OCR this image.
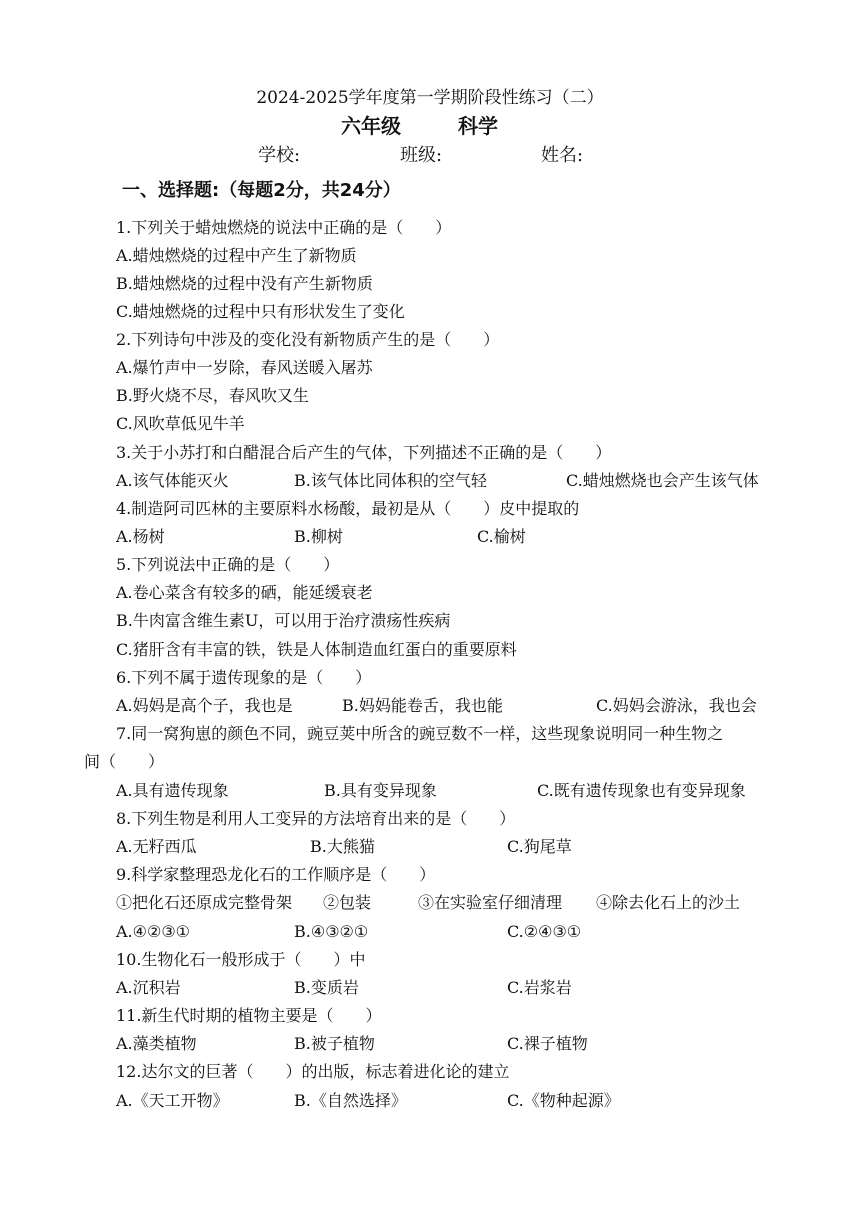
2024-2025学年度第一学期阶段性练习（二）
六年级	科学
学校:	班级:	姓名:
一、选择题:（每题2分，共24分）
1.下列关于蜡烛燃烧的说法中正确的是（　　）
A.蜡烛燃烧的过程中产生了新物质
B.蜡烛燃烧的过程中没有产生新物质
C.蜡烛燃烧的过程中只有形状发生了变化
2.下列诗句中涉及的变化没有新物质产生的是（　　）
A.爆竹声中一岁除，春风送暖入屠苏
B.野火烧不尽，春风吹又生
C.风吹草低见牛羊
3.关于小苏打和白醋混合后产生的气体，下列描述不正确的是（　　）
A.该气体能灭火	B.该气体比同体积的空气轻	C.蜡烛燃烧也会产生该气体
4.制造阿司匹林的主要原料水杨酸，最初是从（　　）皮中提取的
A.杨树	B.柳树	C.榆树
5.下列说法中正确的是（　　）
A.卷心菜含有较多的硒，能延缓衰老
B.牛肉富含维生素U，可以用于治疗溃疡性疾病
C.猪肝含有丰富的铁，铁是人体制造血红蛋白的重要原料
6.下列不属于遗传现象的是（　　）
A.妈妈是高个子，我也是	B.妈妈能卷舌，我也能	C.妈妈会游泳，我也会
7.同一窝狗崽的颜色不同，豌豆荚中所含的豌豆数不一样，这些现象说明同一种生物之
间（　　）
A.具有遗传现象	B.具有变异现象	C.既有遗传现象也有变异现象
8.下列生物是利用人工变异的方法培育出来的是（　　）
A.无籽西瓜	B.大熊猫	C.狗尾草
9.科学家整理恐龙化石的工作顺序是（　　）
①把化石还原成完整骨架 ②包装	③在实验室仔细清理 ④除去化石上的沙土
A.④②③①	B.④③②①	C.②④③①
10.生物化石一般形成于（　　）中
A.沉积岩	B.变质岩	C.岩浆岩
11.新生代时期的植物主要是（　　）
A.藻类植物	B.被子植物	C.裸子植物
12.达尔文的巨著（　　）的出版，标志着进化论的建立
A.《天工开物》	B.《自然选择》	C.《物种起源》
